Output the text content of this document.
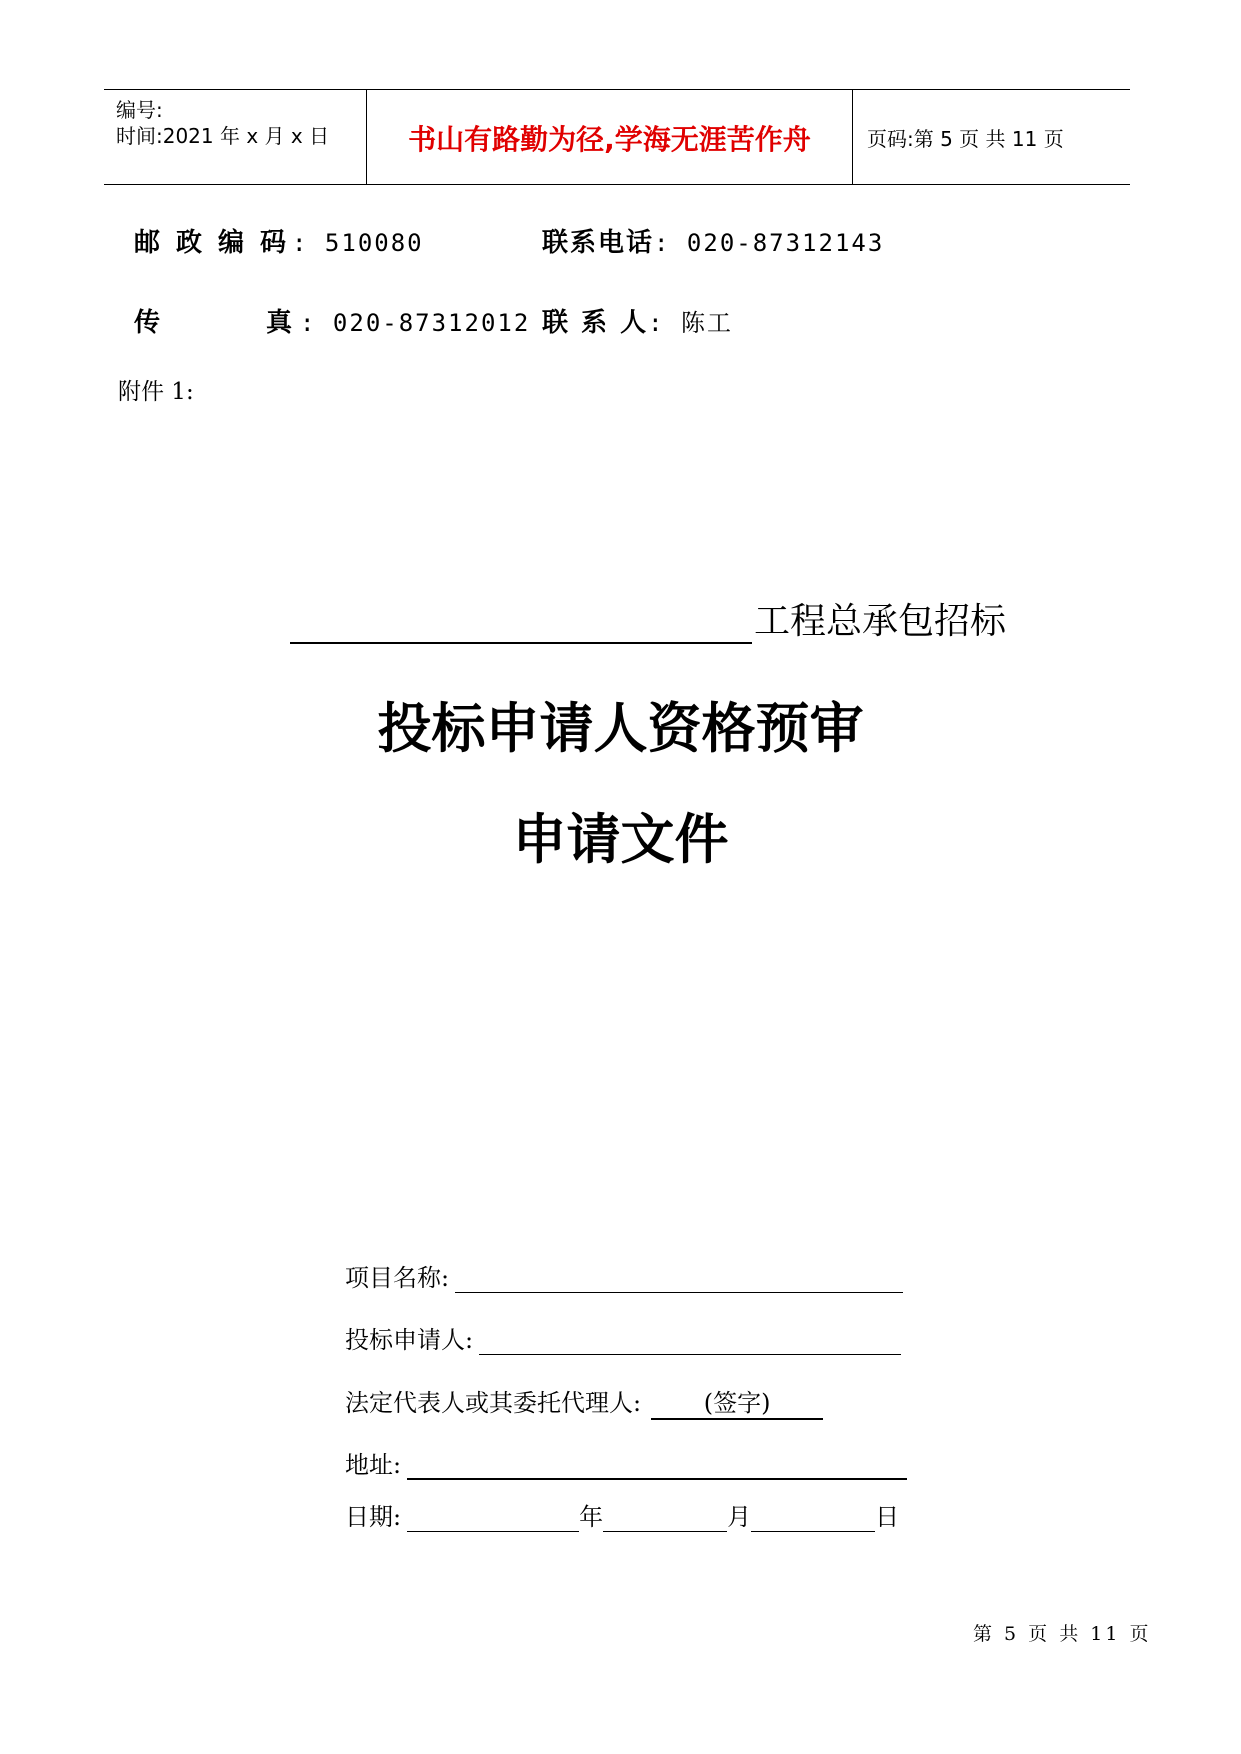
编号:
时间:2021 年 x 月 x 日	书山有路勤为径,学海无涯苦作舟	页码:第 5 页 共 11 页
邮政编码: 510080	联系电话: 020-87312143
传	真 : 020-87312012 联 系 人: 陈工
附件 1:
工程总承包招标
投标申请人资格预审
申请文件
项目名称:
投标申请人:
法定代表人或其委托代理人:	(签字)
地址:
日期:	年	月	日
第 5 页 共 11 页
